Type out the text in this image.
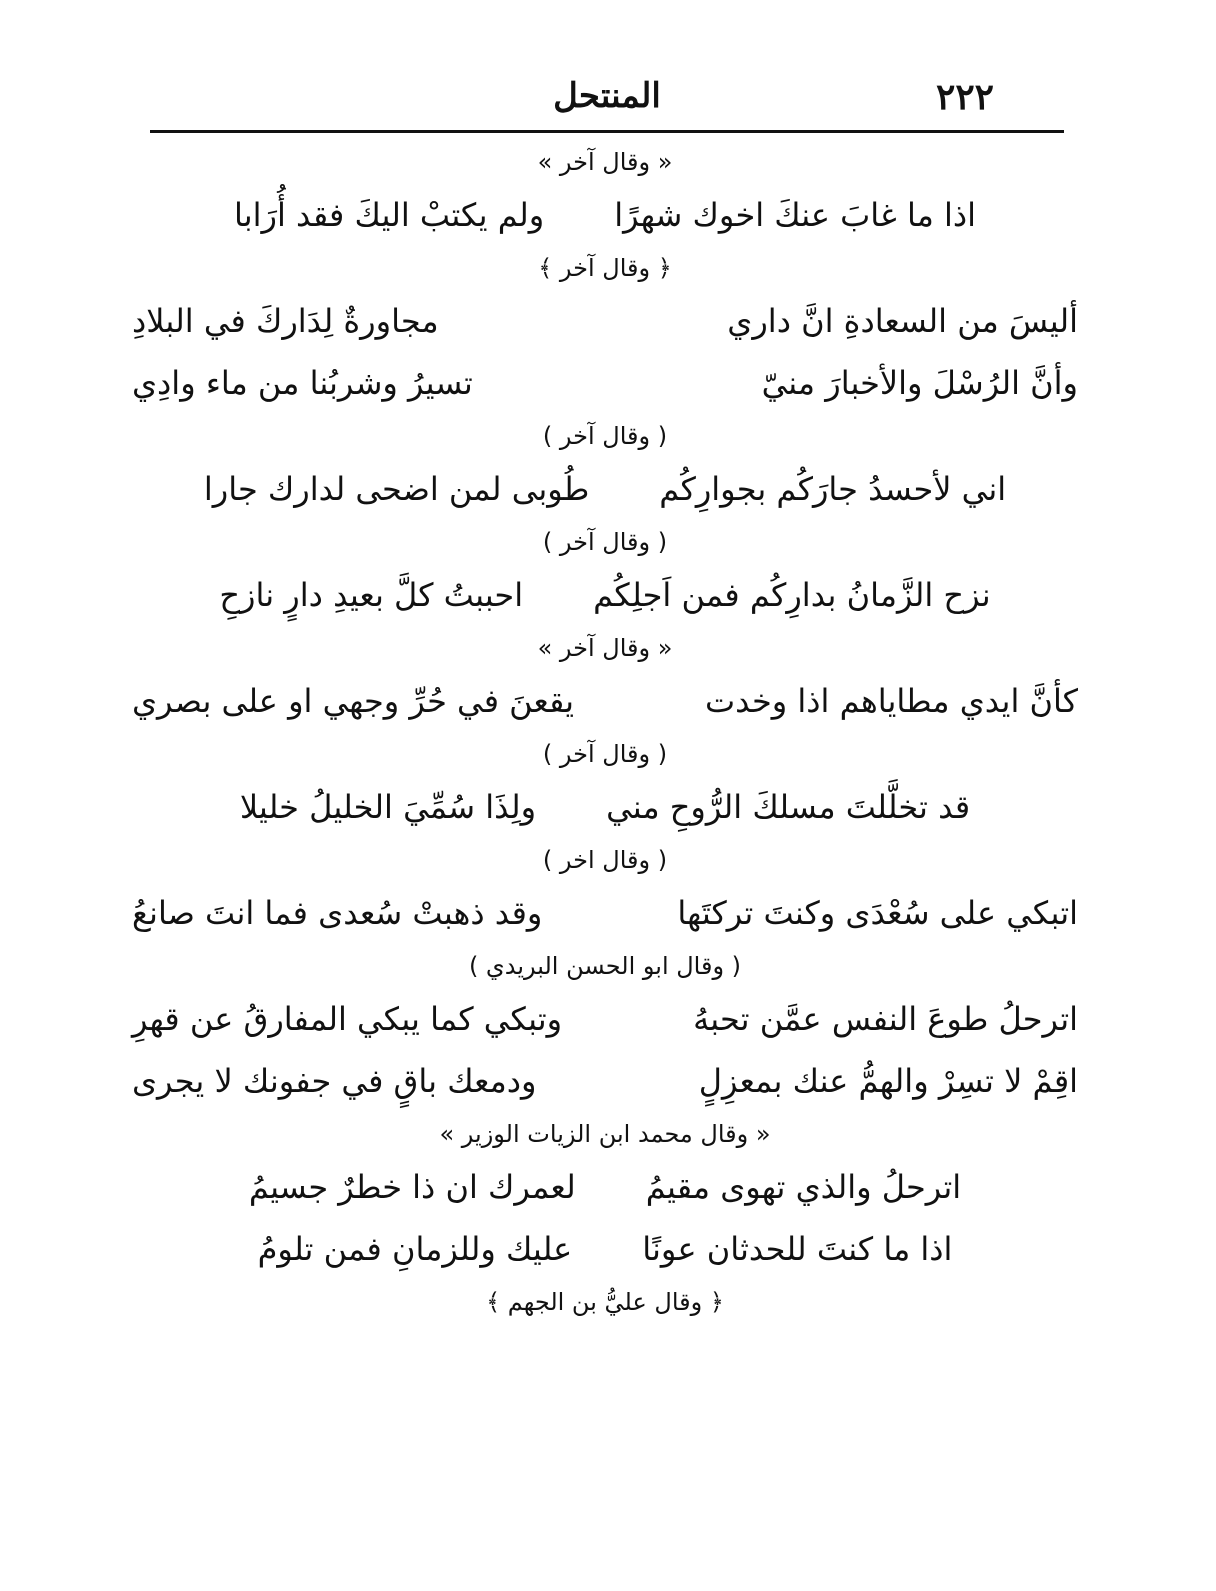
٢٢٢
المنتحل
« وقال آخر »
اذا ما غابَ عنكَ اخوك شهرًا
ولم يكتبْ اليكَ فقد أُرَابا
﴿ وقال آخر ﴾
أليسَ من السعادةِ انَّ داري
مجاورةٌ لِدَاركَ في البلادِ
وأنَّ الرُسْلَ والأخبارَ منيّ
تسيرُ وشربُنا من ماء وادِي
( وقال آخر )
اني لأحسدُ جارَكُم بجوارِكُم
طُوبى لمن اضحى لدارك جارا
( وقال آخر )
نزح الزَّمانُ بدارِكُم فمن اَجلِكُم
احببتُ كلَّ بعيدِ دارٍ نازحِ
« وقال آخر »
كأنَّ ايدي مطاياهم اذا وخدت
يقعنَ في حُرِّ وجهي او على بصري
( وقال آخر )
قد تخلَّلتَ مسلكَ الرُّوحِ مني
ولِذَا سُمِّيَ الخليلُ خليلا
( وقال اخر )
اتبكي على سُعْدَى وكنتَ تركتَها
وقد ذهبتْ سُعدى فما انتَ صانعُ
( وقال ابو الحسن البريدي )
اترحلُ طوعَ النفس عمَّن تحبهُ
وتبكي كما يبكي المفارقُ عن قهرِ
اقِمْ لا تسِرْ والهمُّ عنك بمعزِلٍ
ودمعك باقٍ في جفونك لا يجرى
« وقال محمد ابن الزيات الوزير »
اترحلُ والذي تهوى مقيمُ
لعمرك ان ذا خطرٌ جسيمُ
اذا ما كنتَ للحدثان عونًا
عليك وللزمانِ فمن تلومُ
﴿ وقال عليُّ بن الجهم ﴾
